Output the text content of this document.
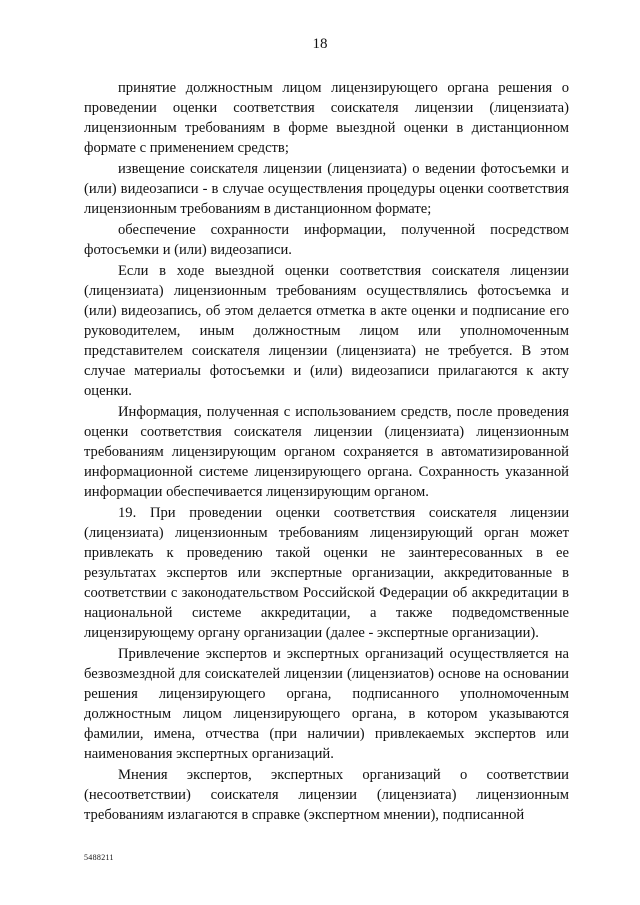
18

принятие должностным лицом лицензирующего органа решения о проведении оценки соответствия соискателя лицензии (лицензиата) лицензионным требованиям в форме выездной оценки в дистанционном формате с применением средств;

извещение соискателя лицензии (лицензиата) о ведении фотосъемки и (или) видеозаписи - в случае осуществления процедуры оценки соответствия лицензионным требованиям в дистанционном формате;

обеспечение сохранности информации, полученной посредством фотосъемки и (или) видеозаписи.

Если в ходе выездной оценки соответствия соискателя лицензии (лицензиата) лицензионным требованиям осуществлялись фотосъемка и (или) видеозапись, об этом делается отметка в акте оценки и подписание его руководителем, иным должностным лицом или уполномоченным представителем соискателя лицензии (лицензиата) не требуется. В этом случае материалы фотосъемки и (или) видеозаписи прилагаются к акту оценки.

Информация, полученная с использованием средств, после проведения оценки соответствия соискателя лицензии (лицензиата) лицензионным требованиям лицензирующим органом сохраняется в автоматизированной информационной системе лицензирующего органа. Сохранность указанной информации обеспечивается лицензирующим органом.

19. При проведении оценки соответствия соискателя лицензии (лицензиата) лицензионным требованиям лицензирующий орган может привлекать к проведению такой оценки не заинтересованных в ее результатах экспертов или экспертные организации, аккредитованные в соответствии с законодательством Российской Федерации об аккредитации в национальной системе аккредитации, а также подведомственные лицензирующему органу организации (далее - экспертные организации).

Привлечение экспертов и экспертных организаций осуществляется на безвозмездной для соискателей лицензии (лицензиатов) основе на основании решения лицензирующего органа, подписанного уполномоченным должностным лицом лицензирующего органа, в котором указываются фамилии, имена, отчества (при наличии) привлекаемых экспертов или наименования экспертных организаций.

Мнения экспертов, экспертных организаций о соответствии (несоответствии) соискателя лицензии (лицензиата) лицензионным требованиям излагаются в справке (экспертном мнении), подписанной

5488211
